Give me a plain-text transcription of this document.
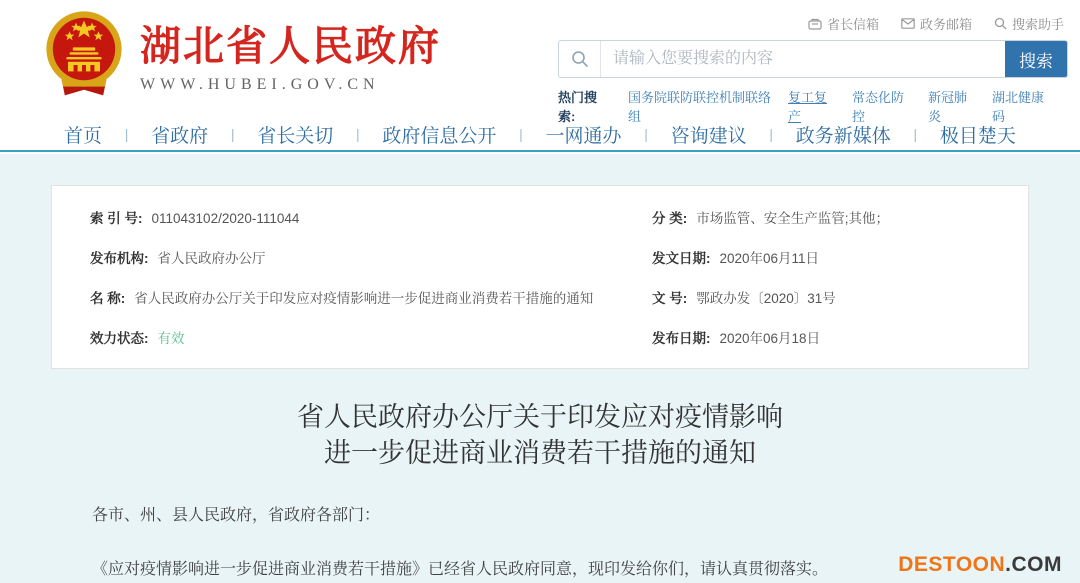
湖北省人民政府
WWW.HUBEI.GOV.CN
省长信箱	政务邮箱	搜索助手
请输入您要搜索的内容
搜索
热门搜索:
国务院联防联控机制联络组
复工复产
常态化防控
新冠肺炎
湖北健康码
首页 | 省政府 | 省长关切 | 政府信息公开 | 一网通办 | 咨询建议 | 政务新媒体 | 极目楚天
索 引 号: 011043102/2020-111044	分 类: 市场监管、安全生产监管;其他；
发布机构: 省人民政府办公厅	发文日期: 2020年06月11日
名 称: 省人民政府办公厅关于印发应对疫情影响进一步促进商业消费若干措施的通知	文 号: 鄂政办发〔2020〕31号
效力状态: 有效	发布日期: 2020年06月18日
省人民政府办公厅关于印发应对疫情影响
进一步促进商业消费若干措施的通知

各市、州、县人民政府，省政府各部门：

《应对疫情影响进一步促进商业消费若干措施》已经省人民政府同意，现印发给你们，请认真贯彻落实。	DESTOON.COM
